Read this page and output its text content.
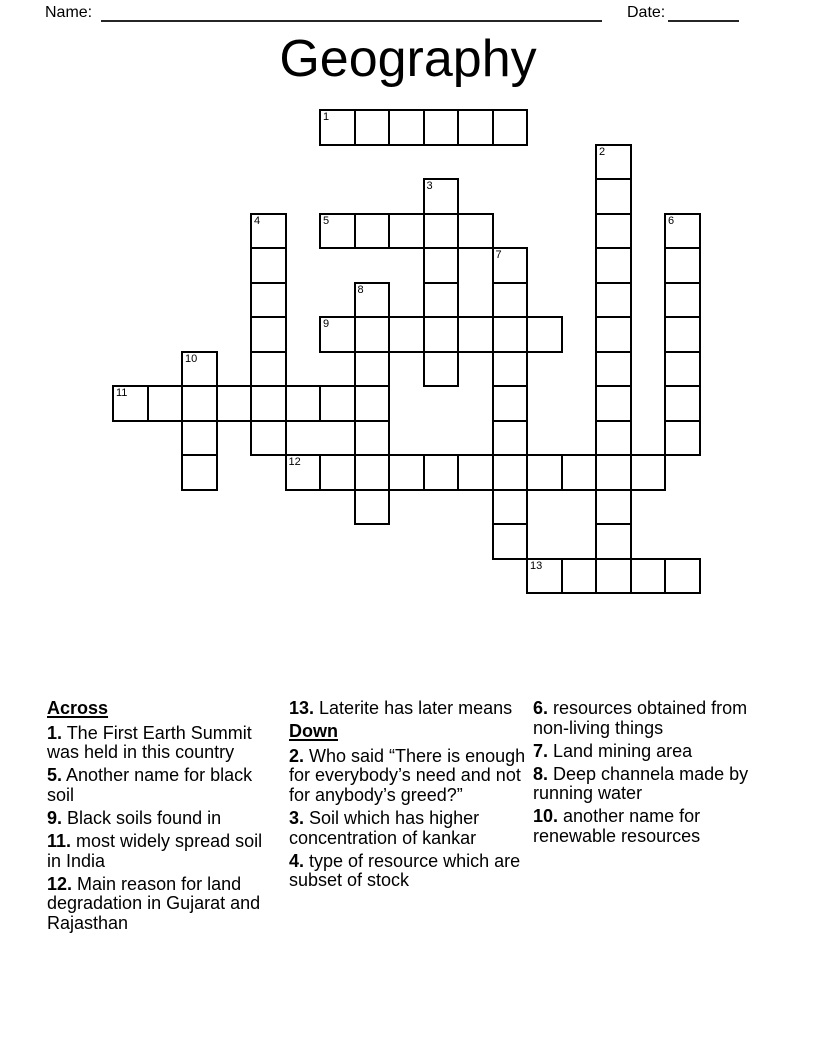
Name:	Date:
Geography
1
2
3
4	5	6
7
8
9
10
11
12
13
Across

1. The First Earth Summit was held in this country

5. Another name for black soil

9. Black soils found in

11. most widely spread soil in India

12. Main reason for land degradation in Gujarat and Rajasthan

13. Laterite has later means

Down

2. Who said “There is enough for everybody’s need and not for anybody’s greed?”

3. Soil which has higher concentration of kankar

4. type of resource which are subset of stock

6. resources obtained from non-living things

7. Land mining area

8. Deep channela made by running water

10. another name for renewable resources
